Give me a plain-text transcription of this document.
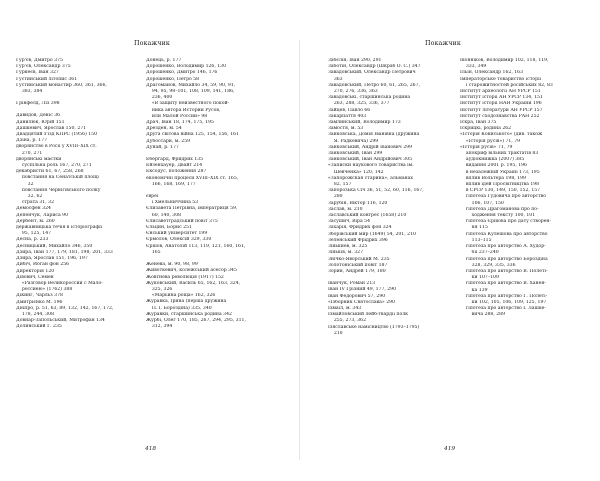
Покажчик
Гур'єв, Дмитро 375
Гур'єв, Олександр 375
Гуркеєв, Іван 327
Густинський літопис 361
Густинський монастир 360, 361, 366,
383, 384
Ґрінфелд, Ліз 398
Давидов, Деніс 36
Данилюк, Юрій 151
Дашкевич, Ярослав 150, 271
Двадцятий з'їзд КПРС (1956) 150
Дзіна, р. 177
дворянство в Росії у XVIII–XIX ст.
270, 271
дворянські маєтки
суспільна роль 167, 270, 271
декабристи 61, 67, 258, 268
повстання на Сенатській площі
32
повстання Чернігівського полку
32, 62
страта 31, 32
Демосфен 324
Депенчук, Лариса 90
Дербент, м. 260
державницька течія в історіографії
95, 125, 147
Десна, р. 233
Десницький, Михайло 346, 350
Дзира, Іван 177, 179, 181, 198, 201, 333
Дзира, Ярослав 151, 196, 197
Дибіч, Йоган фон 256
Директорія 120
Дівович, Семен
«Разговор Великороссии с Мало-
россиею» (1762) 388
Дікинг, Чарльз 378
Дмитрієнко М. 196
Дніпро, р. 51, 63, 89, 132, 142, 167, 172,
178, 244, 308
Довнар-Запольський, Митрофан 134
Долинський Г. 235
Донець, р. 177
Дорошенко, Володимир 126, 130
Дорошенко, Дмитро 146, 176
Дорошенко, Петро 58
Драгоманов, Михайло 34, 59, 90, 91,
94, 95, 98–101, 108, 109, 141, 186,
236, 400
«В защиту неизвестного покой-
ника автора Истории Русов,
или Малой России» 98
Драч, Іван 18, 174, 175, 195
Дрезден, м. 54
Друга світова війна 125, 154, 156, 161
Дубоссари, м. 259
Дунай, р. 177
Ебергард, Фридрих 135
Ейзенхауер, Двайт 214
Ексодус, положення 287
економічні процеси XVIII–XIX ст. 165,
166, 168, 169, 177
євреї
і Хмельниччина 53
Єлизавета Петрівна, імператриця 59,
60, 140, 308
Єлисаветградський повіт 375
Єльцин, Борис 251
Єнський університет 199
Єрмолов, Олексій 329, 330
Єршов, Анатолій 113, 119, 121, 160, 161,
165
Женева, м. 90, 98, 99
Животкевич, колежський асесор 345
Жовтнева революція (1917) 152
Жуковський, Василь 65, 162, 163, 324,
325, 326
«Марьина роща» 162, 326
Журавка, Ірина (перша дружина
П. І. Бороздіна) 335, 340
Журавки, старшинська родина 342
Журбі, Олег 170, 185, 267, 294, 295, 311,
312, 394
418
Покажчик
Забєлін, Іван 290, 291
Заботін, Олександр (Шкраб О. С.) 347
Завадовський, Олександр Петрович
363
Завадовський, Петро 60, 61, 265, 267,
270, 276, 336, 363
Завадовські, старшинська родина
263, 288, 325, 336, 377
Зайцев, Павло 66
Закарпаття 403
Замлинський, Володимир 173
Замостя, м. 53
Занковська, Домія Іванівна (дружина
Я. Радкевича) 299
Занковський, Андрій Іванович 299
Занковський, Іван 299
Занковський, Іван Андрійович 305
«Записки наукового товариства ім.
Шевченка» 120, 142
«Запорожская старина», альманах
82, 157
Запорозька Січ 36, 51, 52, 60, 116, 167,
280
Зарубін, Віктор 116, 120
Заслав, м. 210
Заславський конгрес (1658) 210
Засушич, Віра 54
Захарія, Фридрих фон 324
Зборівський мир (1649) 54, 201, 210
Зеленський Фрідрих 396
Зінькиев, м. 325
Зінькiв, м. 327
Знічко-Яворський М. 235
Золотоніський повіт 187
Зорин, Андрей 179, 180
Іванчук, Роман 213
Іван IV Грізний 49, 177, 290
Іван Федорович 57, 290
«Ізборник Святослава» 290
Ізмаїл, м. 343
Ізмайловський лейб-гвардії полк
255, 273, 362
Ізяславське намісництво (1793–1795)
210
Іконніков, Володимир 102, 118, 119,
333, 349
Ільїн, Олександр 162, 163
Імператорське товариство історії
і старожитностей російських 82, 83
Інститут археології АН УРСР 151
Інститут історії АН УРСР 134, 151
Інститут історії НАН України 196
Інститут літератури АН УРСР 157
Інститут сходознавства РАН 252
Іскра, Іван 375
Іскрицкі, родина 262
«Історія Кониського» (див. також
«Історія русів») 71, 79
«Історія русів» 71, 79
апокриф вільних трактатів 83
аудіокнижка (2007) 385
видання 2001 р. 195, 196
в незалежній Україні 173, 195
вплив Вольтера 198, 199
вплив ідей Просвітництва 198
в СРСР 130, 149, 150, 152, 157
гіпотеза Гудовича про авторство
106, 107, 150
гіпотеза Драгоманова про по-
ходження тексту 100, 101
гіпотеза Єршова про дату створен-
ня 115
гіпотеза Кулешова про авторство
113–115
гіпотеза про авторство А. Худор-
біі 237–240
гіпотеза про авторство Бороздіна
328, 329, 335, 336
гіпотеза про авторство В. Полеті-
ки 107–109
гіпотеза про авторство В. Ханен-
ка 139
гіпотеза про авторство Г. Полеті-
ки 102, 105, 106, 109, 125, 197
гіпотеза про авторство І. Лашке-
вича 288, 289
419
